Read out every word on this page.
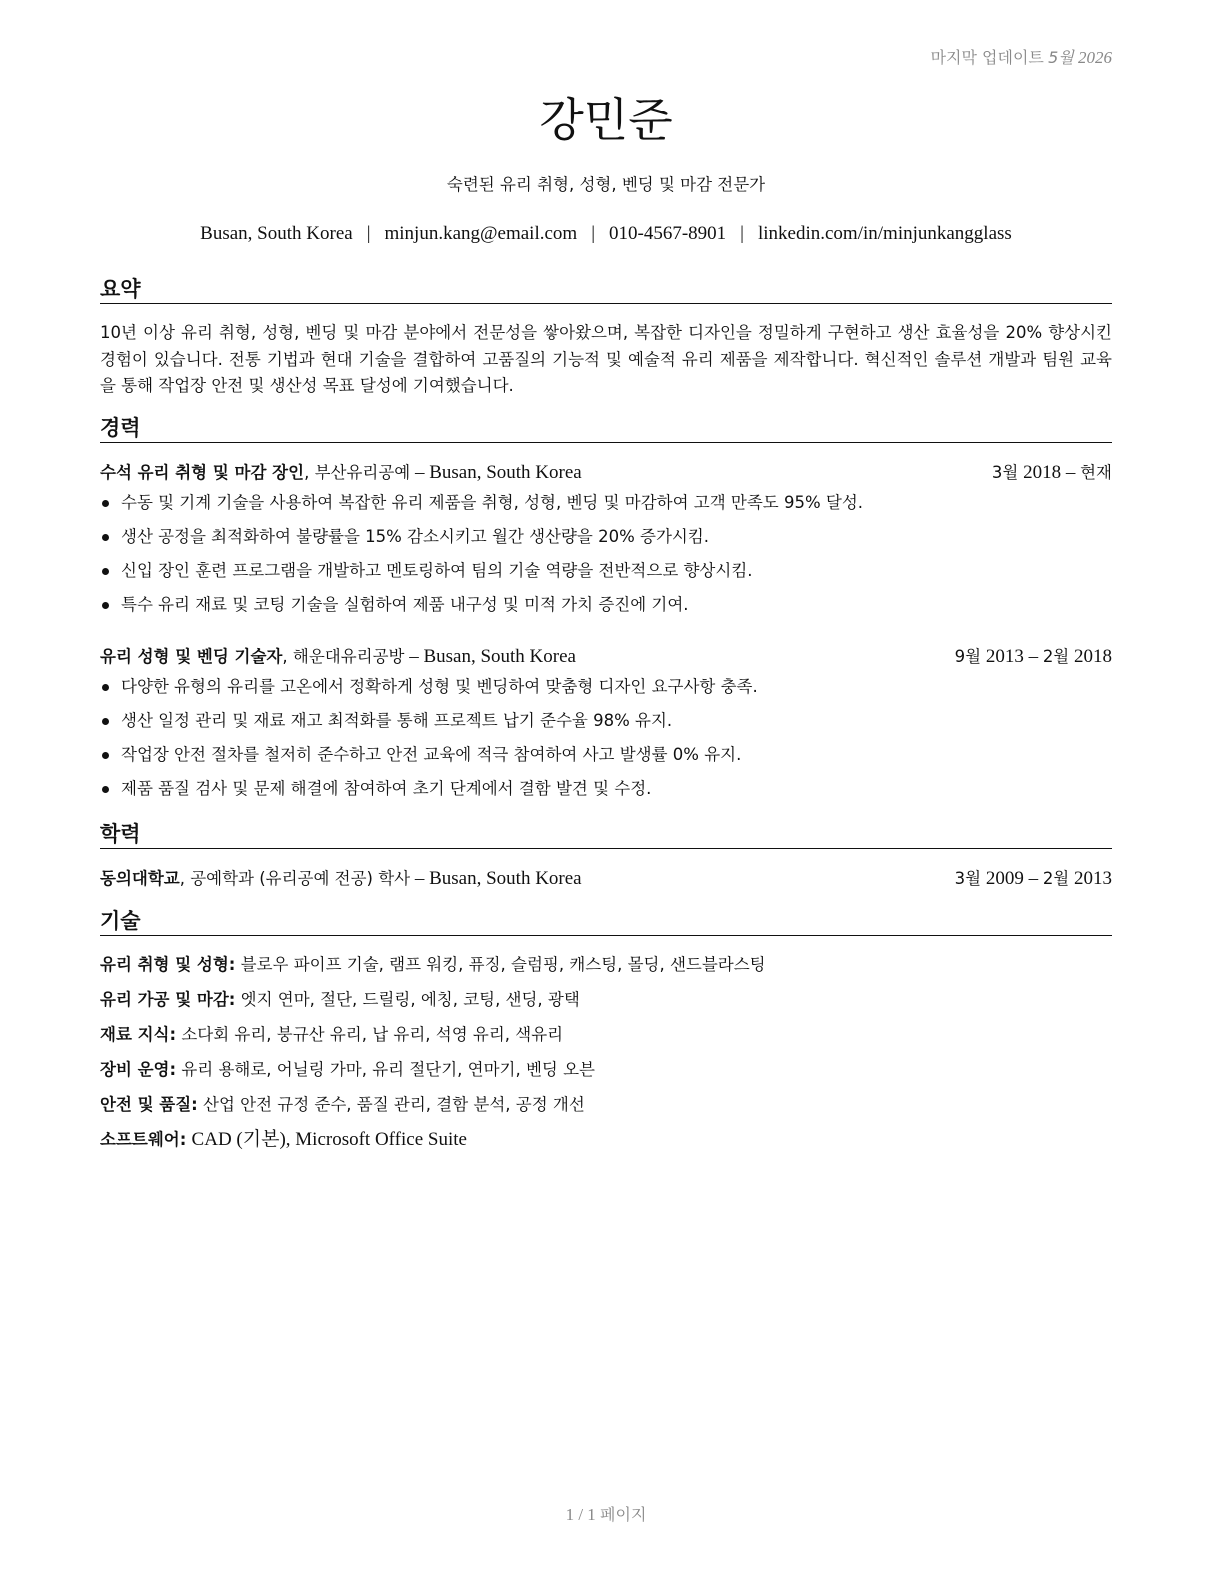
마지막 업데이트 5월 2026
강민준
숙련된 유리 취형, 성형, 벤딩 및 마감 전문가
Busan, South Korea | minjun.kang@email.com | 010-4567-8901 | linkedin.com/in/minjunkangglass
요약
10년 이상 유리 취형, 성형, 벤딩 및 마감 분야에서 전문성을 쌓아왔으며, 복잡한 디자인을 정밀하게 구현하고 생산 효율성을 20% 향상시킨 경험이 있습니다. 전통 기법과 현대 기술을 결합하여 고품질의 기능적 및 예술적 유리 제품을 제작합니다. 혁신적인 솔루션 개발과 팀원 교육을 통해 작업장 안전 및 생산성 목표 달성에 기여했습니다.
경력
수석 유리 취형 및 마감 장인, 부산유리공예 – Busan, South Korea	3월 2018 – 현재
수동 및 기계 기술을 사용하여 복잡한 유리 제품을 취형, 성형, 벤딩 및 마감하여 고객 만족도 95% 달성.
생산 공정을 최적화하여 불량률을 15% 감소시키고 월간 생산량을 20% 증가시킴.
신입 장인 훈련 프로그램을 개발하고 멘토링하여 팀의 기술 역량을 전반적으로 향상시킴.
특수 유리 재료 및 코팅 기술을 실험하여 제품 내구성 및 미적 가치 증진에 기여.
유리 성형 및 벤딩 기술자, 해운대유리공방 – Busan, South Korea	9월 2013 – 2월 2018
다양한 유형의 유리를 고온에서 정확하게 성형 및 벤딩하여 맞춤형 디자인 요구사항 충족.
생산 일정 관리 및 재료 재고 최적화를 통해 프로젝트 납기 준수율 98% 유지.
작업장 안전 절차를 철저히 준수하고 안전 교육에 적극 참여하여 사고 발생률 0% 유지.
제품 품질 검사 및 문제 해결에 참여하여 초기 단계에서 결함 발견 및 수정.
학력
동의대학교, 공예학과 (유리공예 전공) 학사 – Busan, South Korea	3월 2009 – 2월 2013
기술
유리 취형 및 성형: 블로우 파이프 기술, 램프 워킹, 퓨징, 슬럼핑, 캐스팅, 몰딩, 샌드블라스팅
유리 가공 및 마감: 엣지 연마, 절단, 드릴링, 에칭, 코팅, 샌딩, 광택
재료 지식: 소다회 유리, 붕규산 유리, 납 유리, 석영 유리, 색유리
장비 운영: 유리 용해로, 어닐링 가마, 유리 절단기, 연마기, 벤딩 오븐
안전 및 품질: 산업 안전 규정 준수, 품질 관리, 결함 분석, 공정 개선
소프트웨어: CAD (기본), Microsoft Office Suite
1 / 1 페이지
